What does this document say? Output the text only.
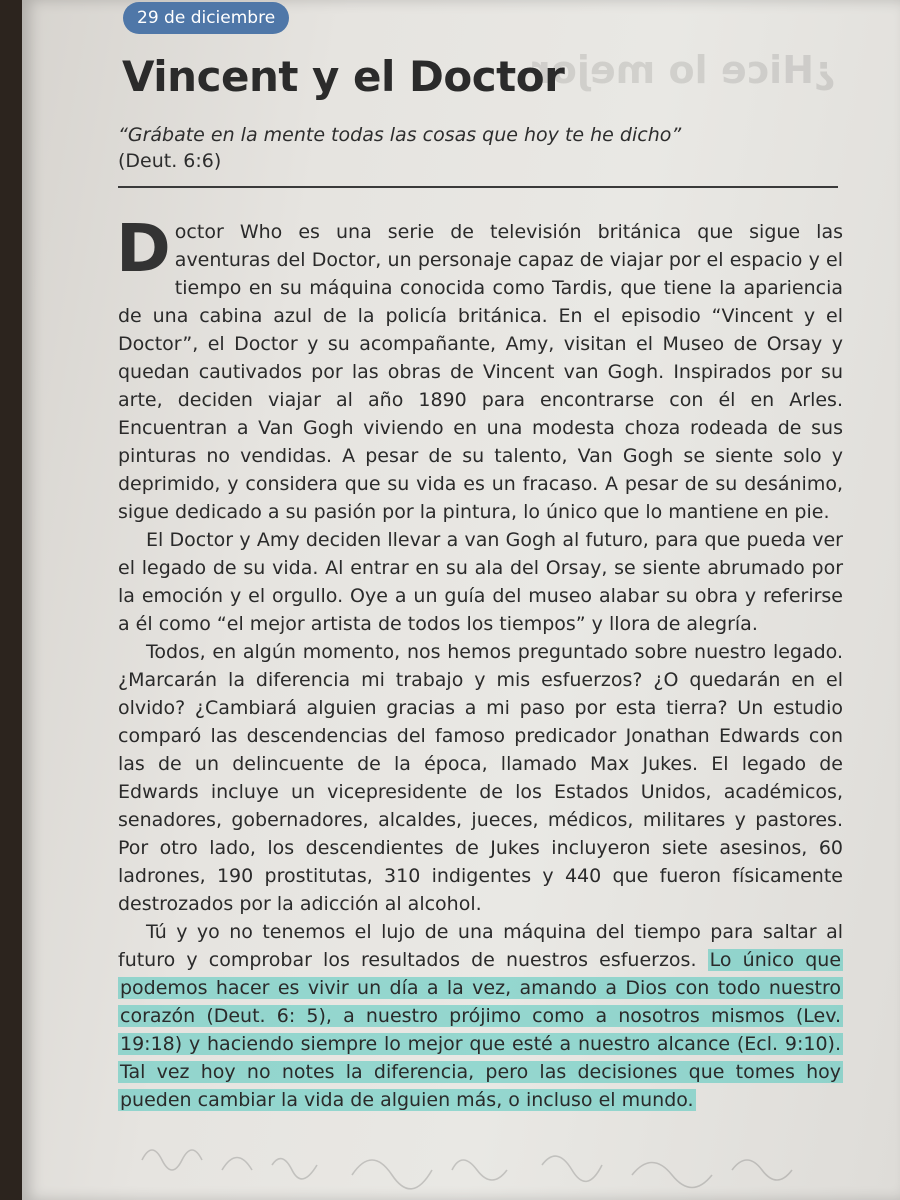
¿Hice lo mejor
29 de diciembre
Vincent y el Doctor
“Grábate en la mente todas las cosas que hoy te he dicho”
(Deut. 6:6)

Doctor Who es una serie de televisión británica que sigue las aventuras del Doctor, un personaje capaz de viajar por el espacio y el tiempo en su máquina conocida como Tardis, que tiene la apariencia de una cabina azul de la policía británica. En el episodio “Vincent y el Doctor”, el Doctor y su acompañante, Amy, visitan el Museo de Orsay y quedan cautivados por las obras de Vincent van Gogh. Inspirados por su arte, deciden viajar al año 1890 para encontrarse con él en Arles. Encuentran a Van Gogh viviendo en una modesta choza rodeada de sus pinturas no vendidas. A pesar de su talento, Van Gogh se siente solo y deprimido, y considera que su vida es un fracaso. A pesar de su desánimo, sigue dedicado a su pasión por la pintura, lo único que lo mantiene en pie.

El Doctor y Amy deciden llevar a van Gogh al futuro, para que pueda ver el legado de su vida. Al entrar en su ala del Orsay, se siente abrumado por la emoción y el orgullo. Oye a un guía del museo alabar su obra y referirse a él como “el mejor artista de todos los tiempos” y llora de alegría.

Todos, en algún momento, nos hemos preguntado sobre nuestro legado. ¿Marcarán la diferencia mi trabajo y mis esfuerzos? ¿O quedarán en el olvido? ¿Cambiará alguien gracias a mi paso por esta tierra? Un estudio comparó las descendencias del famoso predicador Jonathan Edwards con las de un delincuente de la época, llamado Max Jukes. El legado de Edwards incluye un vicepresidente de los Estados Unidos, académicos, senadores, gobernadores, alcaldes, jueces, médicos, militares y pastores. Por otro lado, los descendientes de Jukes incluyeron siete asesinos, 60 ladrones, 190 prostitutas, 310 indigentes y 440 que fueron físicamente destrozados por la adicción al alcohol.

Tú y yo no tenemos el lujo de una máquina del tiempo para saltar al futuro y comprobar los resultados de nuestros esfuerzos. Lo único que podemos hacer es vivir un día a la vez, amando a Dios con todo nuestro corazón (Deut. 6: 5), a nuestro prójimo como a nosotros mismos (Lev. 19:18) y haciendo siempre lo mejor que esté a nuestro alcance (Ecl. 9:10). Tal vez hoy no notes la diferencia, pero las decisiones que tomes hoy pueden cambiar la vida de alguien más, o incluso el mundo.
